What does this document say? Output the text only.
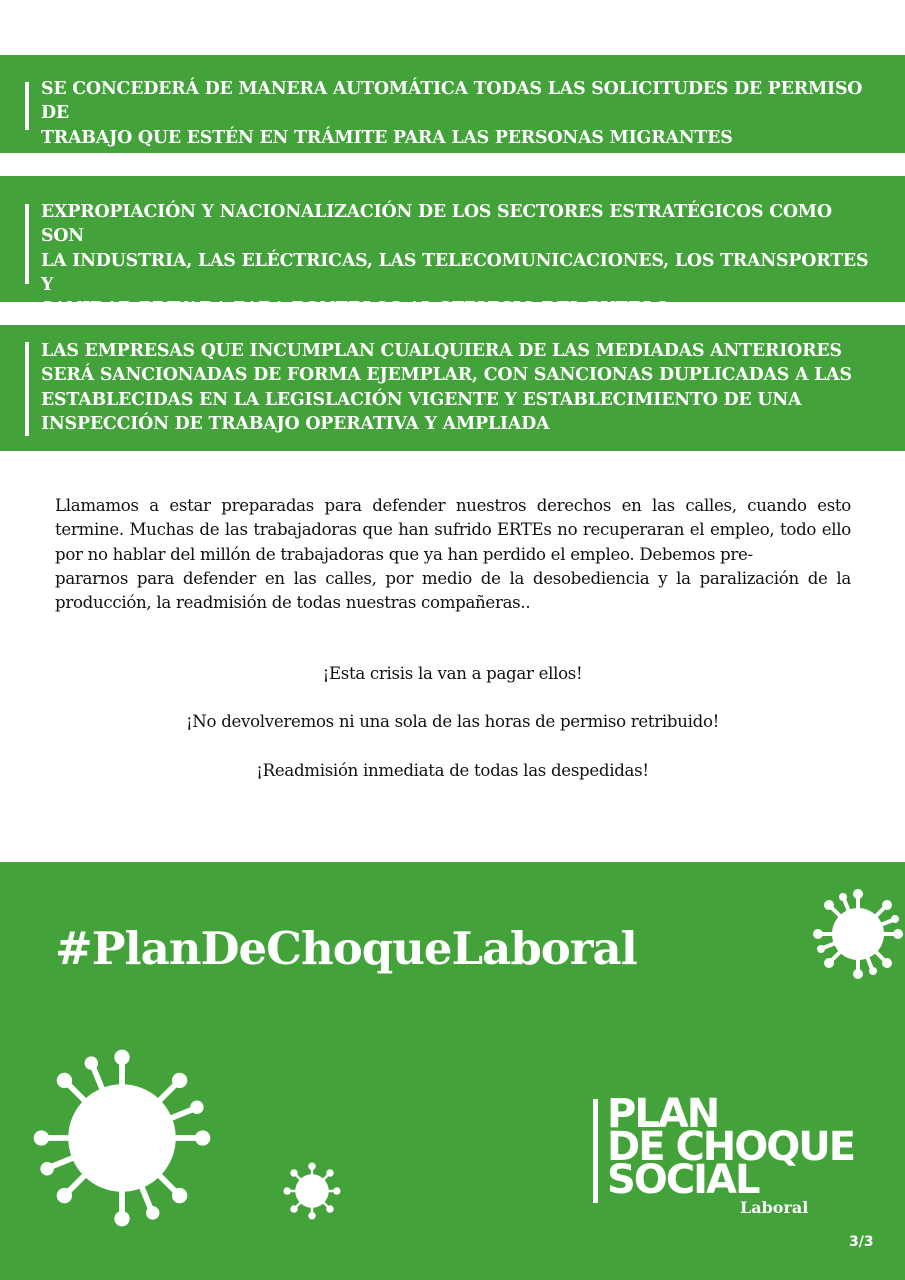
SE CONCEDERÁ DE MANERA AUTOMÁTICA TODAS LAS SOLICITUDES DE PERMISO DE
TRABAJO QUE ESTÉN EN TRÁMITE PARA LAS PERSONAS MIGRANTES
EXPROPIACIÓN Y NACIONALIZACIÓN DE LOS SECTORES ESTRATÉGICOS COMO SON
LA INDUSTRIA, LAS ELÉCTRICAS, LAS TELECOMUNICACIONES, LOS TRANSPORTES Y
SANIDAD PRIVADA PARA PONERLOS AL SERVICIO DEL PUEBLO
LAS EMPRESAS QUE INCUMPLAN CUALQUIERA DE LAS MEDIADAS ANTERIORES
SERÁ SANCIONADAS DE FORMA EJEMPLAR, CON SANCIONAS DUPLICADAS A LAS
ESTABLECIDAS EN LA LEGISLACIÓN VIGENTE Y ESTABLECIMIENTO DE UNA
INSPECCIÓN DE TRABAJO OPERATIVA Y AMPLIADA
Llamamos a estar preparadas para defender nuestros derechos en las calles, cuando esto termine. Muchas de las trabajadoras que han sufrido ERTEs no recuperaran el empleo, todo ello por no hablar del millón de trabajadoras que ya han perdido el empleo. Debemos pre-
pararnos para defender en las calles, por medio de la desobediencia y la paralización de la producción, la readmisión de todas nuestras compañeras..
¡Esta crisis la van a pagar ellos!
¡No devolveremos ni una sola de las horas de permiso retribuido!
¡Readmisión inmediata de todas las despedidas!
#PlanDeChoqueLaboral
PLAN
DE CHOQUE
SOCIAL
Laboral
3/3
